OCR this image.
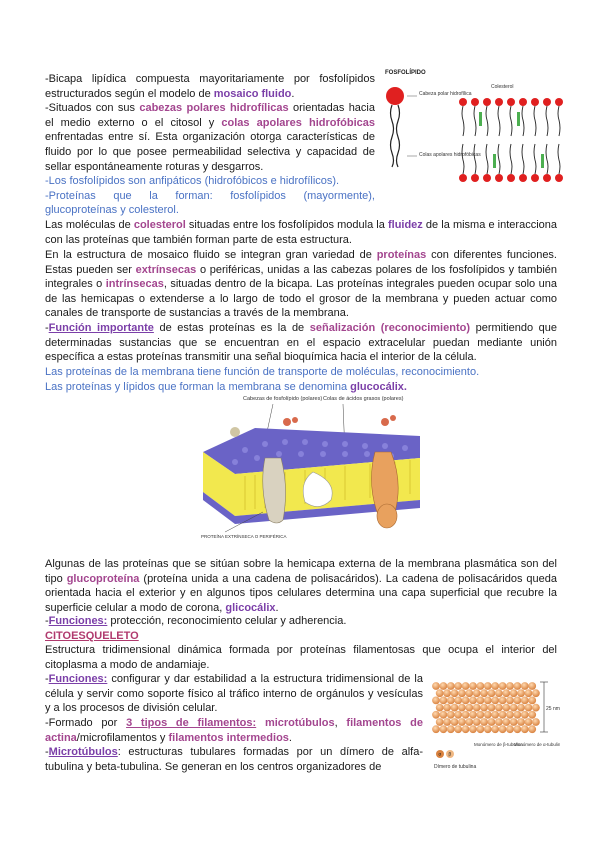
-Bicapa lipídica compuesta mayoritariamente por fosfolípidos estructurados según el modelo de mosaico fluido.
-Situados con sus cabezas polares hidrofílicas orientadas hacia el medio externo o el citosol y colas apolares hidrofóbicas enfrentadas entre sí. Esta organización otorga características de fluido por lo que posee permeabilidad selectiva y capacidad de sellar espontáneamente roturas y desgarros.
-Los fosfolípidos son anfipáticos (hidrofóbicos e hidrofílicos).
-Proteínas que la forman: fosfolípidos (mayormente), glucoproteínas y colesterol.

FOSFOLÍPIDO
Cabeza polar hidrofílica
Colas apolares hidrofóbicas
Colesterol

Las moléculas de colesterol situadas entre los fosfolípidos modula la fluidez de la misma e interacciona con las proteínas que también forman parte de esta estructura.

En la estructura de mosaico fluido se integran gran variedad de proteínas con diferentes funciones. Estas pueden ser extrínsecas o periféricas, unidas a las cabezas polares de los fosfolípidos y también integrales o intrínsecas, situadas dentro de la bicapa. Las proteínas integrales pueden ocupar solo una de las hemicapas o extenderse a lo largo de todo el grosor de la membrana y pueden actuar como canales de transporte de sustancias a través de la membrana.

-Función importante de estas proteínas es la de señalización (reconocimiento) permitiendo que determinadas sustancias que se encuentran en el espacio extracelular puedan mediante unión específica a estas proteínas transmitir una señal bioquímica hacia el interior de la célula.

Las proteínas de la membrana tiene función de transporte de moléculas, reconocimiento.
Las proteínas y lípidos que forman la membrana se denomina glucocálix.

Cabezas de fosfolípido (polares) Colas de ácidos grasos (polares)
PROTEÍNA EXTRÍNSECA O PERIFÉRICA

Algunas de las proteínas que se sitúan sobre la hemicapa externa de la membrana plasmática son del tipo glucoproteína (proteína unida a una cadena de polisacáridos). La cadena de polisacáridos queda orientada hacia el exterior y en algunos tipos celulares determina una capa superficial que recubre la superficie celular a modo de corona, glicocálix.

-Funciones: protección, reconocimiento celular y adherencia.

CITOESQUELETO

Estructura tridimensional dinámica formada por proteínas filamentosas que ocupa el interior del citoplasma a modo de andamiaje.

-Funciones: configurar y dar estabilidad a la estructura tridimensional de la célula y servir como soporte físico al tráfico interno de orgánulos y vesículas y a los procesos de división celular.

-Formado por 3 tipos de filamentos: microtúbulos, filamentos de actina/microfilamentos y filamentos intermedios.

-Microtúbulos: estructuras tubulares formadas por un dímero de alfa-tubulina y beta-tubulina. Se generan en los centros organizadores de

25 nm
Monómero de β-tubulina
Monómero de α-tubulina
α β
Dímero de tubulina
